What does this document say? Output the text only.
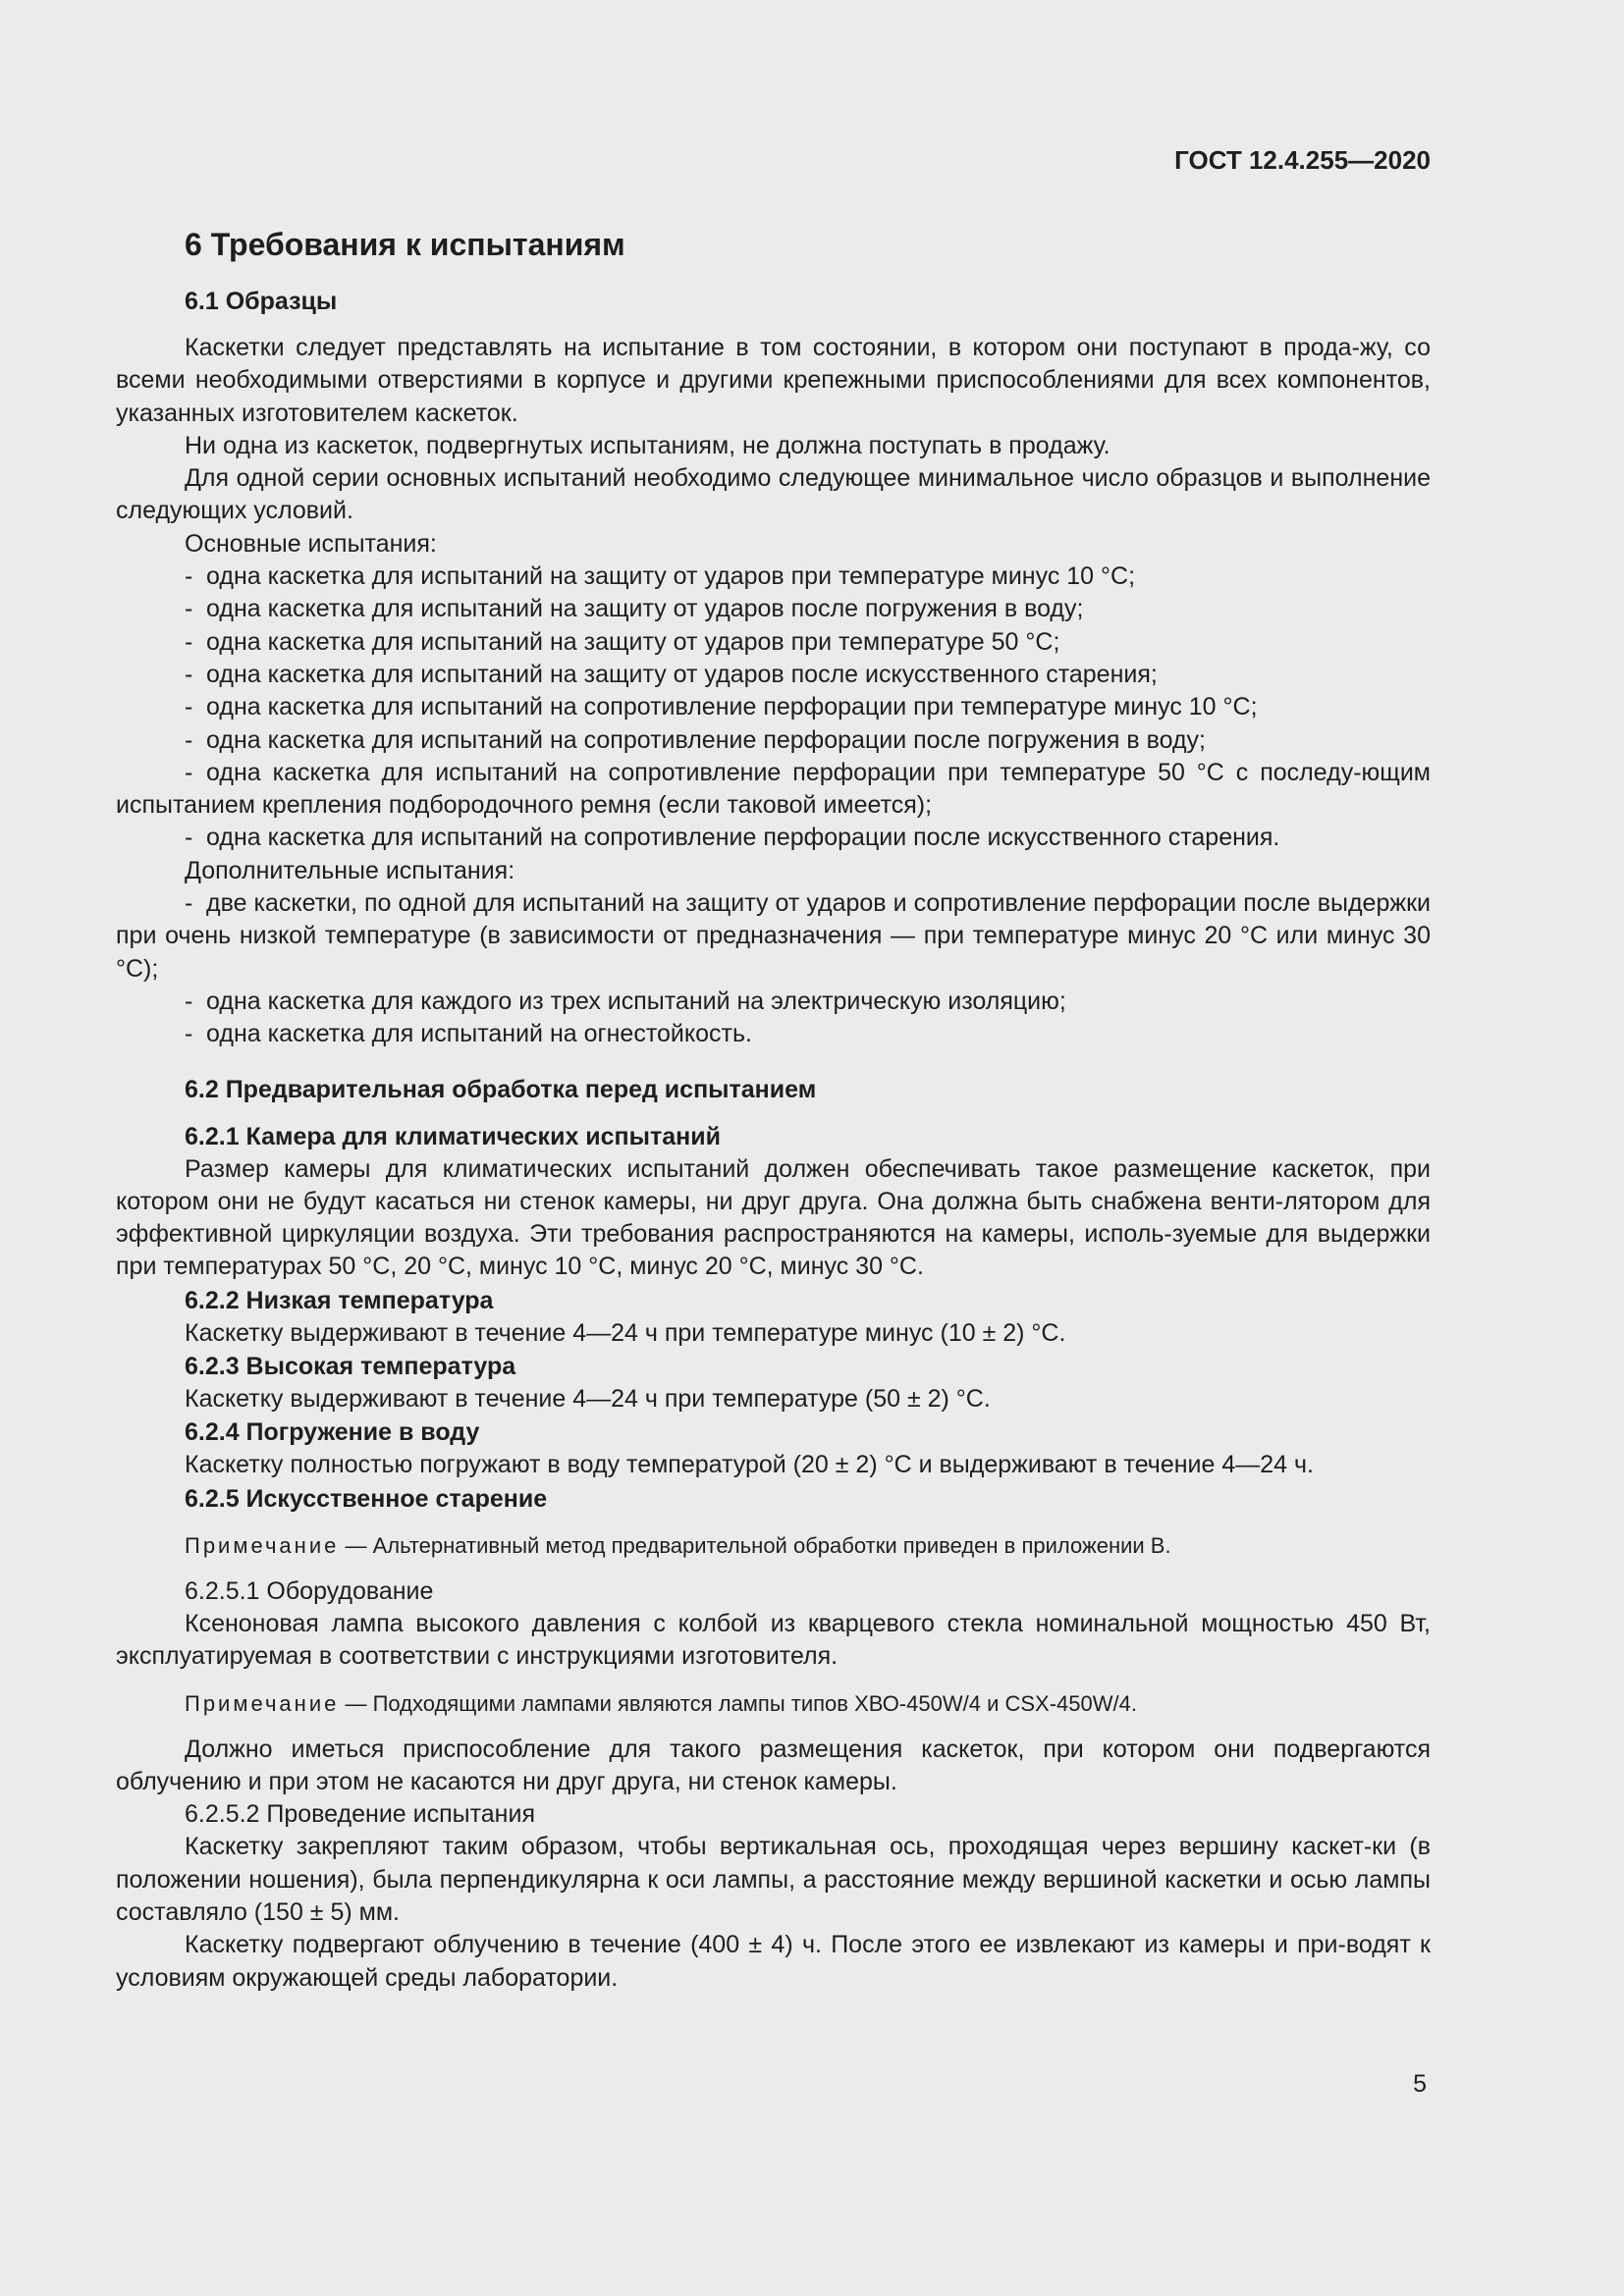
ГОСТ 12.4.255—2020
6 Требования к испытаниям
6.1 Образцы

Каскетки следует представлять на испытание в том состоянии, в котором они поступают в прода-жу, со всеми необходимыми отверстиями в корпусе и другими крепежными приспособлениями для всех компонентов, указанных изготовителем каскеток.

Ни одна из каскеток, подвергнутых испытаниям, не должна поступать в продажу.

Для одной серии основных испытаний необходимо следующее минимальное число образцов и выполнение следующих условий.

Основные испытания:

- одна каскетка для испытаний на защиту от ударов при температуре минус 10 °С;

- одна каскетка для испытаний на защиту от ударов после погружения в воду;

- одна каскетка для испытаний на защиту от ударов при температуре 50 °С;

- одна каскетка для испытаний на защиту от ударов после искусственного старения;

- одна каскетка для испытаний на сопротивление перфорации при температуре минус 10 °С;

- одна каскетка для испытаний на сопротивление перфорации после погружения в воду;

- одна каскетка для испытаний на сопротивление перфорации при температуре 50 °С с последу-ющим испытанием крепления подбородочного ремня (если таковой имеется);

- одна каскетка для испытаний на сопротивление перфорации после искусственного старения.

Дополнительные испытания:

- две каскетки, по одной для испытаний на защиту от ударов и сопротивление перфорации после выдержки при очень низкой температуре (в зависимости от предназначения — при температуре минус 20 °С или минус 30 °С);

- одна каскетка для каждого из трех испытаний на электрическую изоляцию;

- одна каскетка для испытаний на огнестойкость.

6.2 Предварительная обработка перед испытанием
6.2.1 Камера для климатических испытаний

Размер камеры для климатических испытаний должен обеспечивать такое размещение каскеток, при котором они не будут касаться ни стенок камеры, ни друг друга. Она должна быть снабжена венти-лятором для эффективной циркуляции воздуха. Эти требования распространяются на камеры, исполь-зуемые для выдержки при температурах 50 °С, 20 °С, минус 10 °С, минус 20 °С, минус 30 °С.

6.2.2 Низкая температура

Каскетку выдерживают в течение 4—24 ч при температуре минус (10 ± 2) °С.

6.2.3 Высокая температура

Каскетку выдерживают в течение 4—24 ч при температуре (50 ± 2) °С.

6.2.4 Погружение в воду

Каскетку полностью погружают в воду температурой (20 ± 2) °С и выдерживают в течение 4—24 ч.

6.2.5 Искусственное старение
Примечание — Альтернативный метод предварительной обработки приведен в приложении В.

6.2.5.1 Оборудование

Ксеноновая лампа высокого давления с колбой из кварцевого стекла номинальной мощностью 450 Вт, эксплуатируемая в соответствии с инструкциями изготовителя.

Примечание — Подходящими лампами являются лампы типов ХВО-450W/4 и CSX-450W/4.

Должно иметься приспособление для такого размещения каскеток, при котором они подвергаются облучению и при этом не касаются ни друг друга, ни стенок камеры.

6.2.5.2 Проведение испытания

Каскетку закрепляют таким образом, чтобы вертикальная ось, проходящая через вершину каскет-ки (в положении ношения), была перпендикулярна к оси лампы, а расстояние между вершиной каскетки и осью лампы составляло (150 ± 5) мм.

Каскетку подвергают облучению в течение (400 ± 4) ч. После этого ее извлекают из камеры и при-водят к условиям окружающей среды лаборатории.

5
